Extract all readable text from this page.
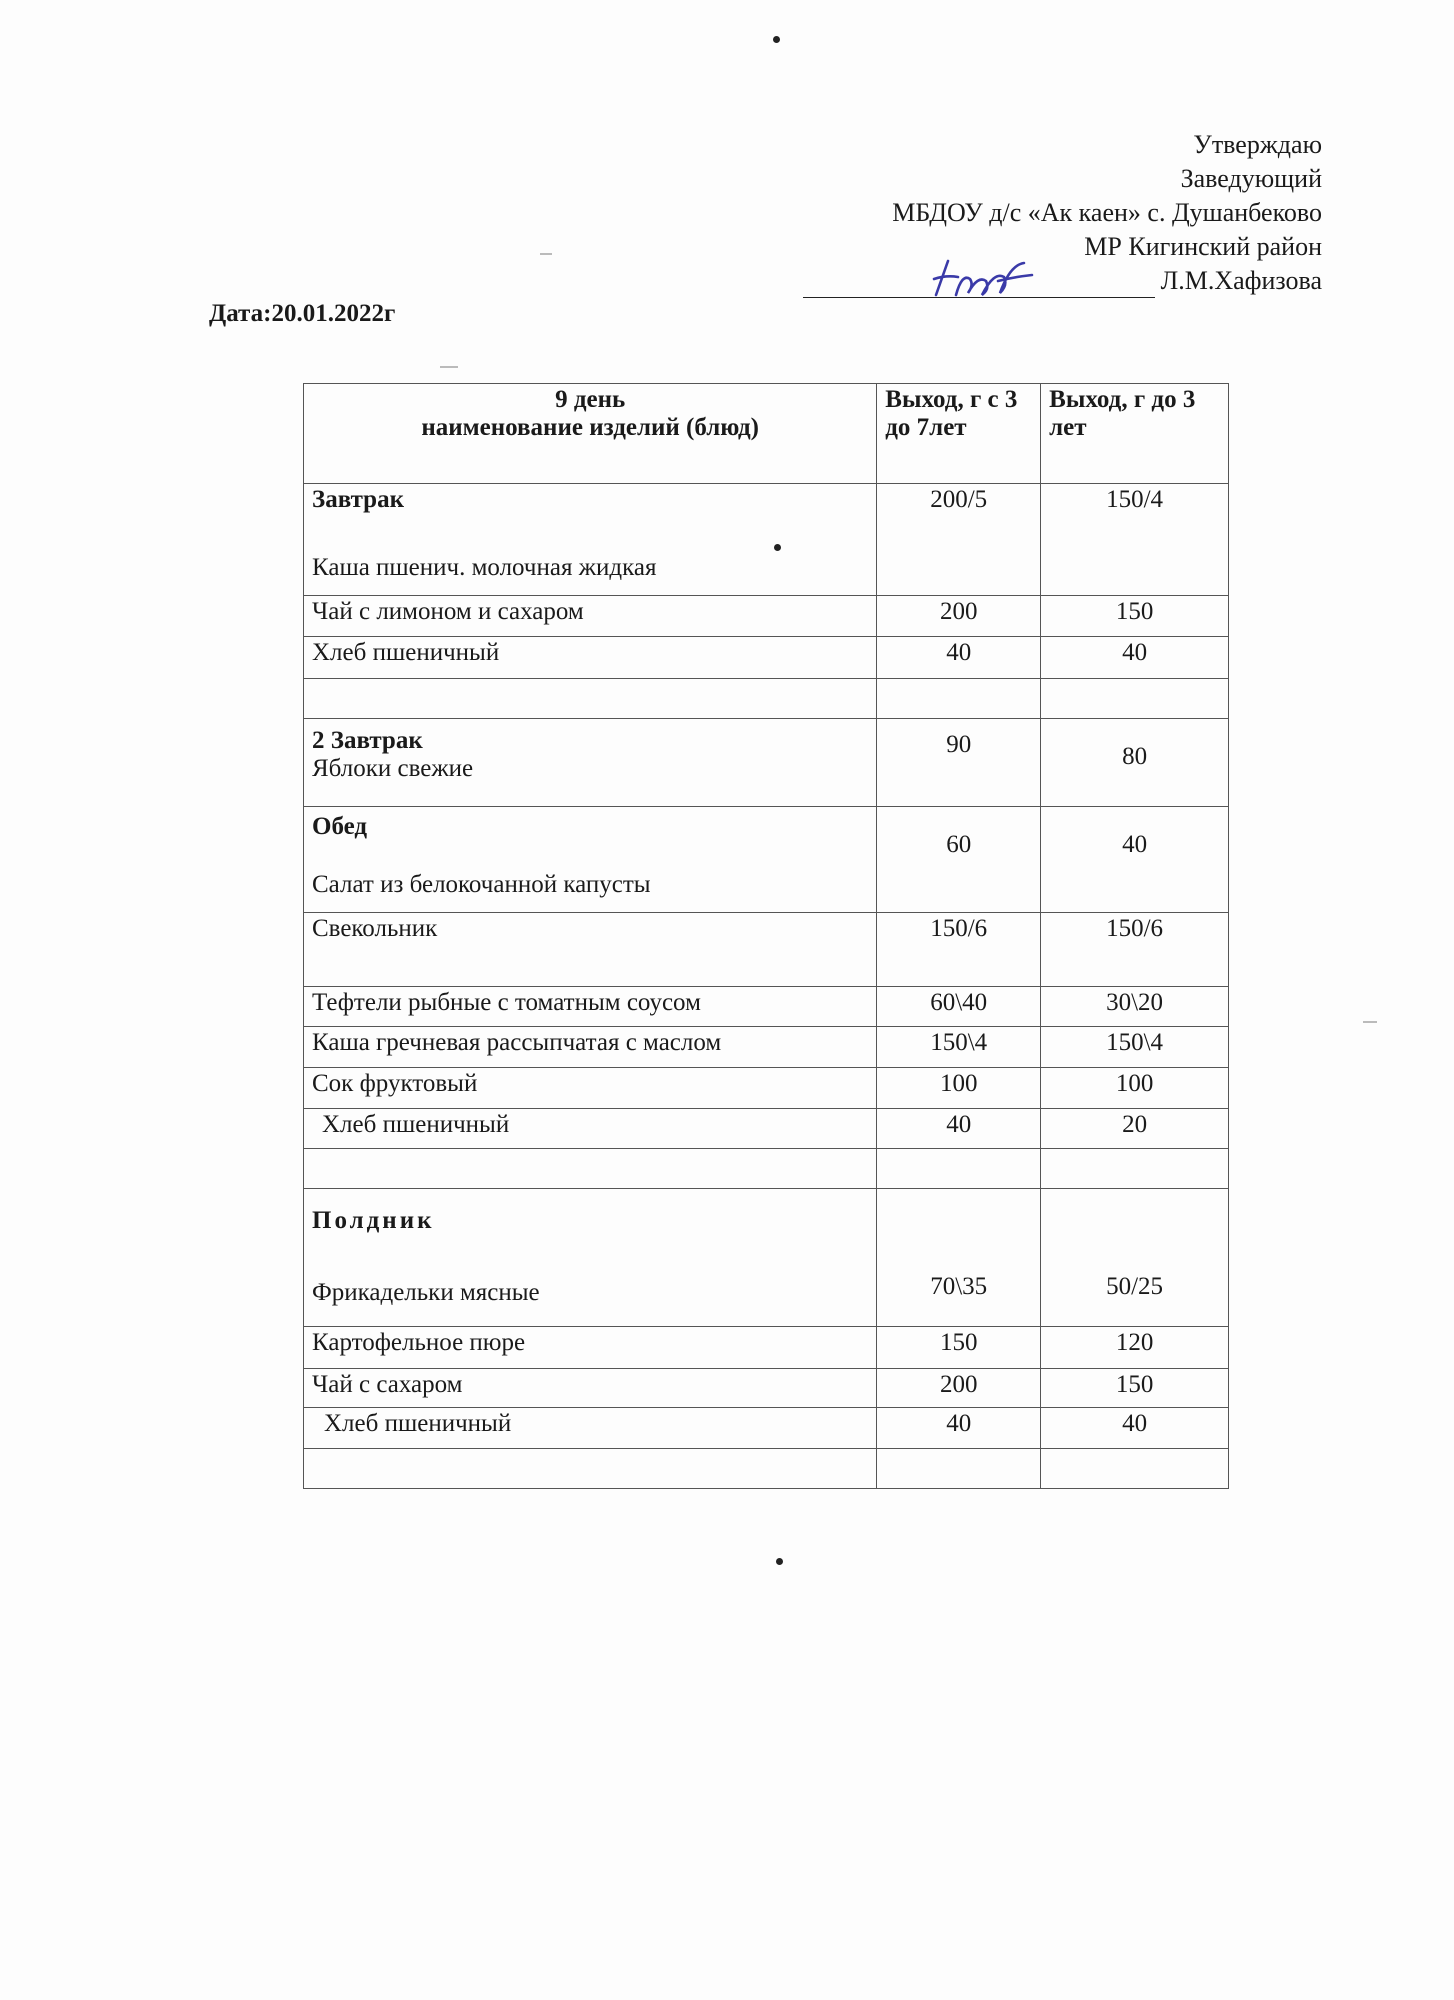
Утверждаю
Заведующий
МБДОУ д/с «Ак каен» с. Душанбеково
МР Кигинский район
Л.М.Хафизова
Дата:20.01.2022г
9 день
наименование изделий (блюд)	Выход, г с 3 до 7лет	Выход, г до 3 лет

Завтрак
Каша пшенич. молочная жидкая	200/5	150/4
Чай с лимоном и сахаром	200	150
Хлеб пшеничный	40	40

2 Завтрак
Яблоки свежие	90	80

Обед
Салат из белокочанной капусты	60	40
Свекольник	150/6	150/6
Тефтели рыбные с томатным соусом	60\40	30\20
Каша гречневая рассыпчатая с маслом	150\4	150\4
Сок фруктовый	100	100
Хлеб пшеничный	40	20

Полдник
Фрикадельки мясные	70\35	50/25
Картофельное пюре	150	120
Чай с сахаром	200	150
Хлеб пшеничный	40	40
